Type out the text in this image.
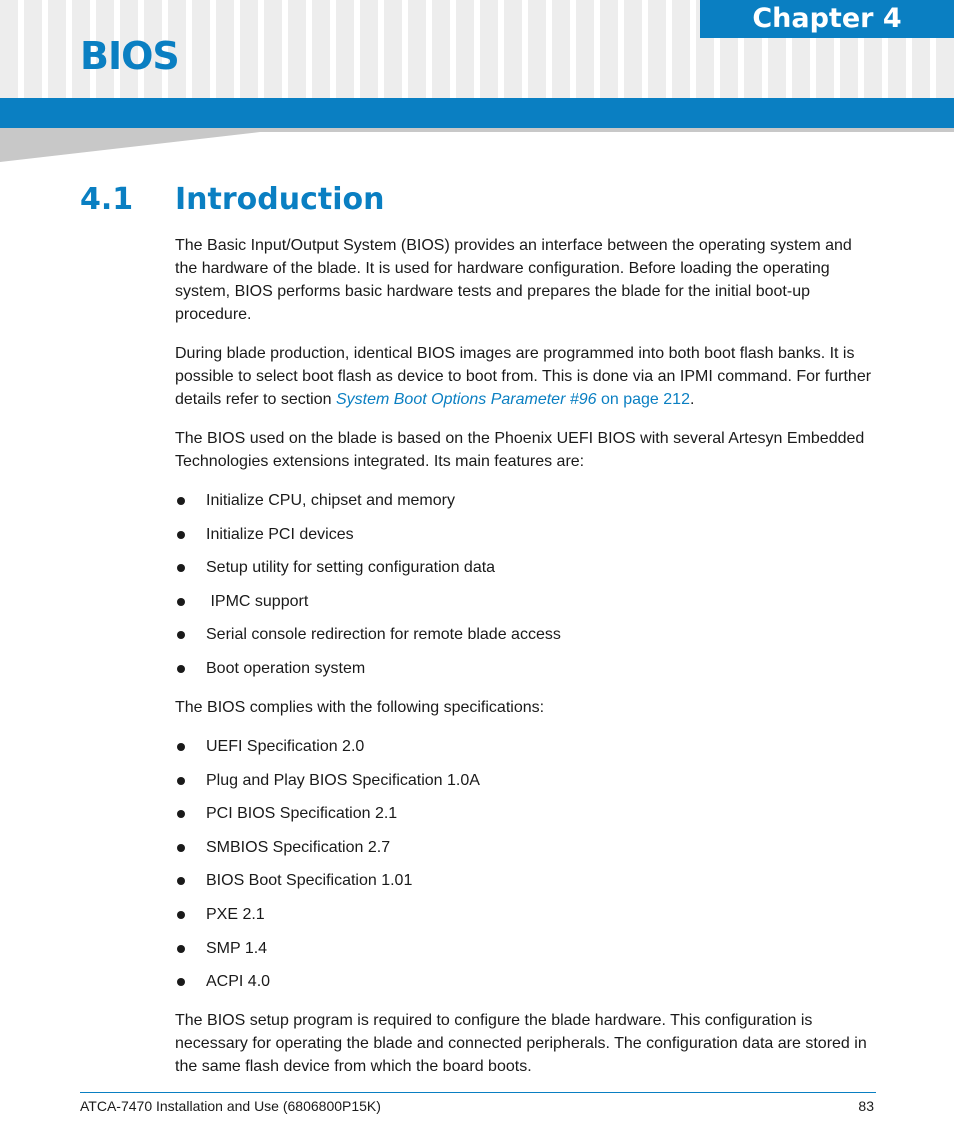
Chapter 4
BIOS
4.1 Introduction

The Basic Input/Output System (BIOS) provides an interface between the operating system and the hardware of the blade. It is used for hardware configuration. Before loading the operating system, BIOS performs basic hardware tests and prepares the blade for the initial boot-up procedure.

During blade production, identical BIOS images are programmed into both boot flash banks. It is possible to select boot flash as device to boot from. This is done via an IPMI command. For further details refer to section System Boot Options Parameter #96 on page 212.

The BIOS used on the blade is based on the Phoenix UEFI BIOS with several Artesyn Embedded Technologies extensions integrated. Its main features are:

Initialize CPU, chipset and memory
Initialize PCI devices
Setup utility for setting configuration data
IPMC support
Serial console redirection for remote blade access
Boot operation system

The BIOS complies with the following specifications:

UEFI Specification 2.0
Plug and Play BIOS Specification 1.0A
PCI BIOS Specification 2.1
SMBIOS Specification 2.7
BIOS Boot Specification 1.01
PXE 2.1
SMP 1.4
ACPI 4.0

The BIOS setup program is required to configure the blade hardware. This configuration is necessary for operating the blade and connected peripherals. The configuration data are stored in the same flash device from which the board boots.

ATCA-7470 Installation and Use (6806800P15K)	83
